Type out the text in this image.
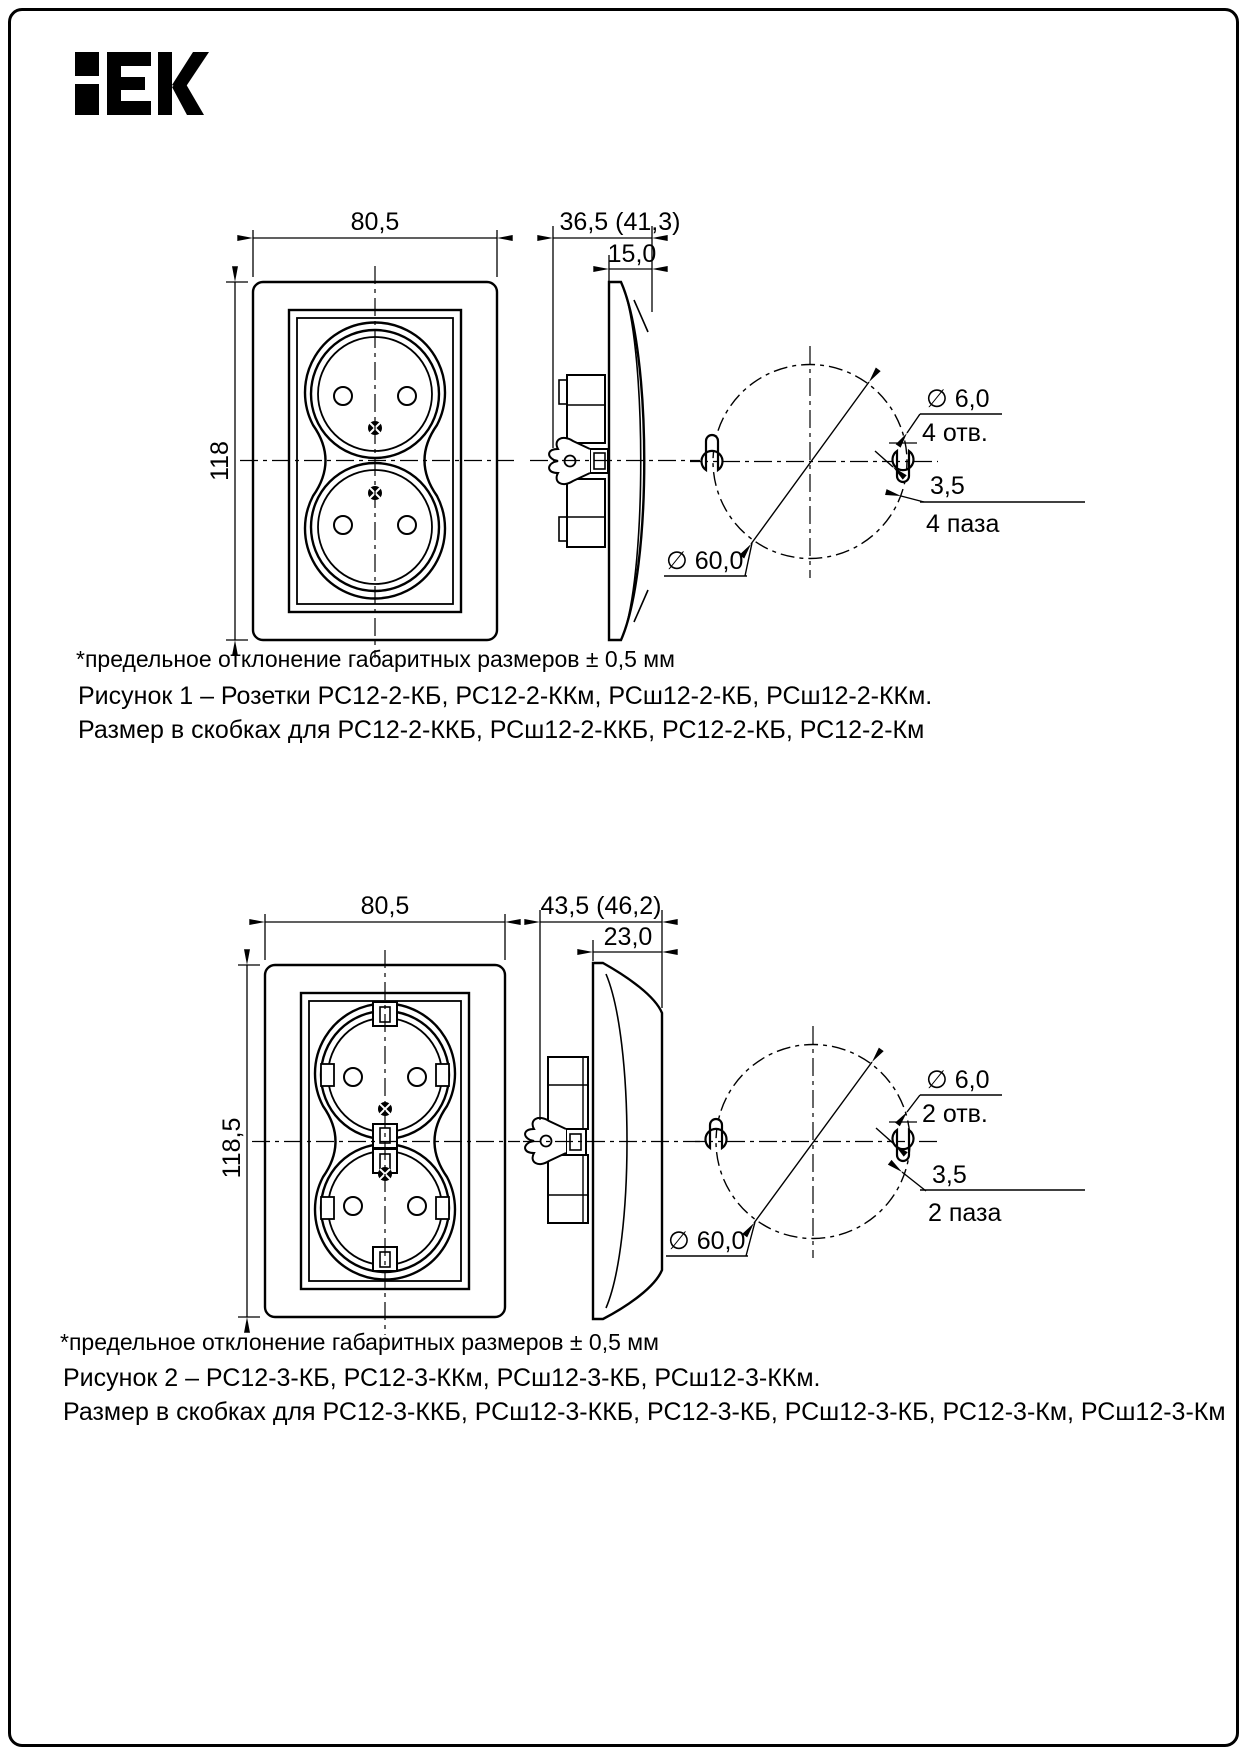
80,5
118
36,5 (41,3)
15,0
∅ 6,0
4 отв.
3,5
4 паза
∅ 60,0
80,5
118,5
43,5 (46,2)
23,0
∅ 6,0
2 отв.
3,5
2 паза
∅ 60,0
*предельное отклонение габаритных размеров ± 0,5 мм
Рисунок 1 – Розетки РС12-2-КБ, РС12-2-ККм, РСш12-2-КБ, РСш12-2-ККм.
Размер в скобках для РС12-2-ККБ, РСш12-2-ККБ, РС12-2-КБ, РС12-2-Км
*предельное отклонение габаритных размеров ± 0,5 мм
Рисунок 2 – РС12-3-КБ, РС12-3-ККм, РСш12-3-КБ, РСш12-3-ККм.
Размер в скобках для РС12-3-ККБ, РСш12-3-ККБ, РС12-3-КБ, РСш12-3-КБ, РС12-3-Км, РСш12-3-Км
